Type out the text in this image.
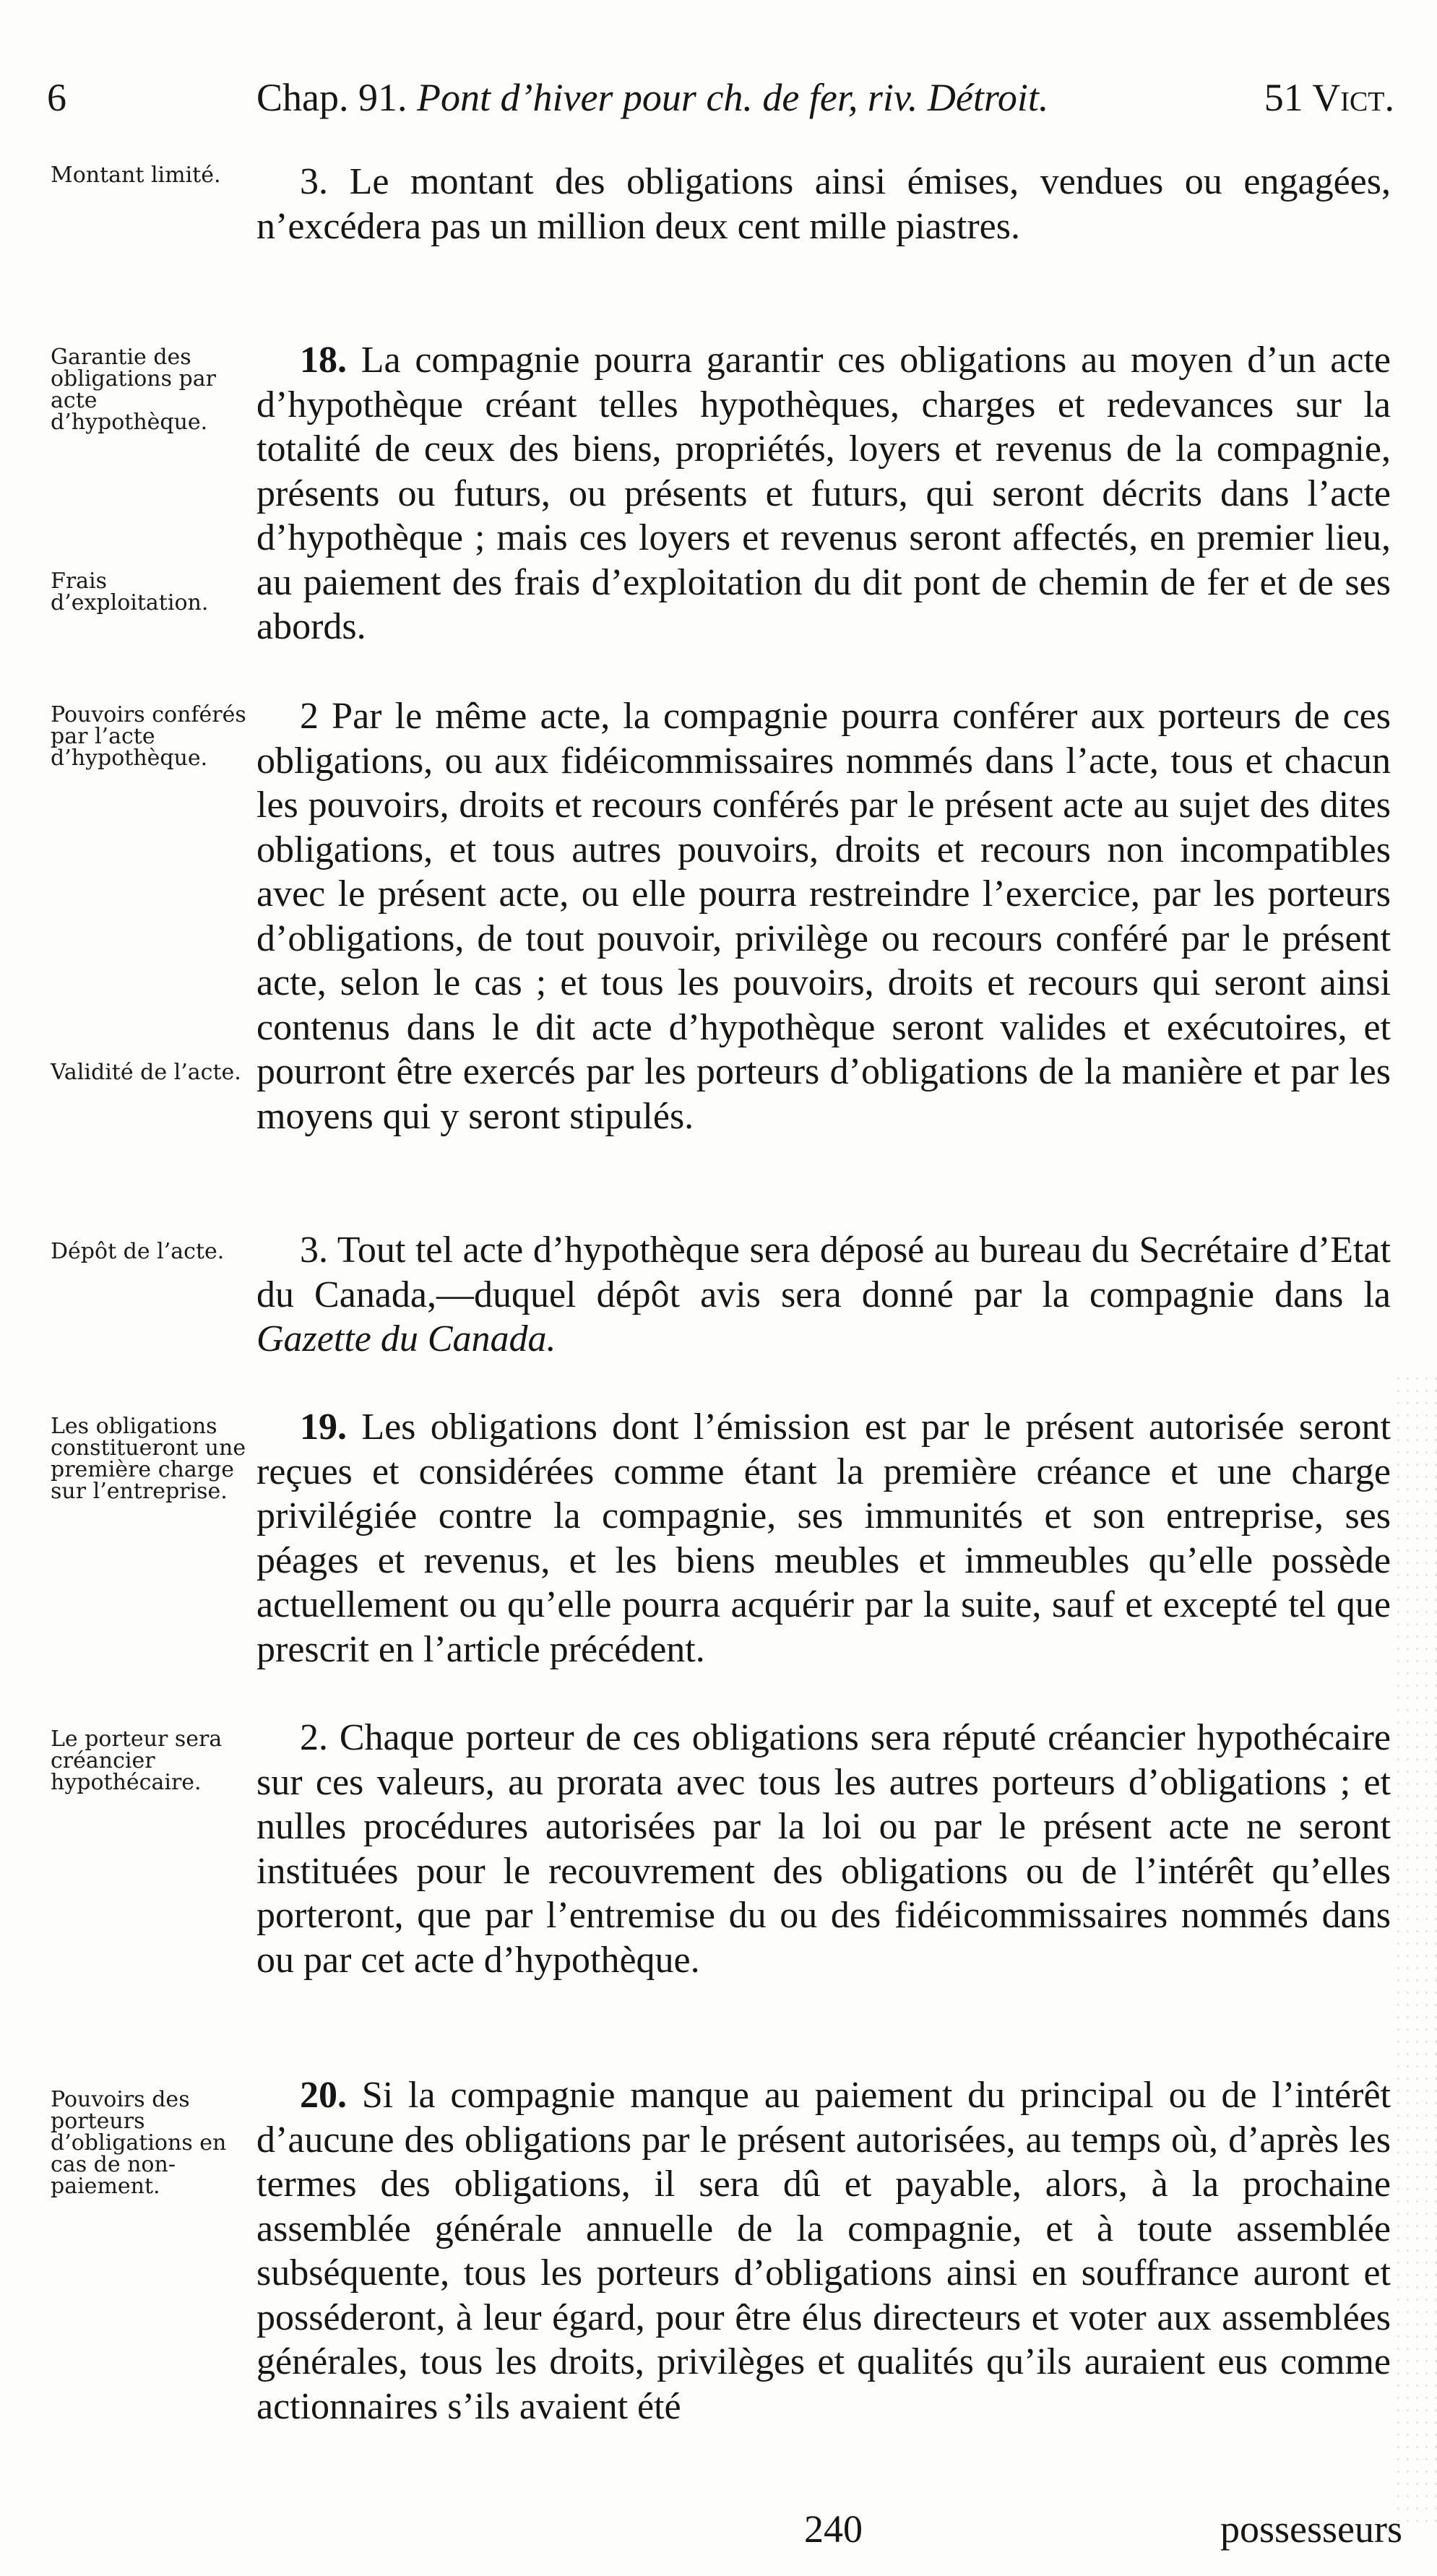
6	Chap. 91. Pont d’hiver pour ch. de fer, riv. Détroit.	51 Vict.
3. Le montant des obligations ainsi émises, vendues ou engagées, n’excédera pas un million deux cent mille piastres.
Montant limité.
18. La compagnie pourra garantir ces obligations au moyen d’un acte d’hypothèque créant telles hypothèques, charges et redevances sur la totalité de ceux des biens, propriétés, loyers et revenus de la compagnie, présents ou futurs, ou présents et futurs, qui seront décrits dans l’acte d’hypothèque ; mais ces loyers et revenus seront affectés, en premier lieu, au paiement des frais d’exploitation du dit pont de chemin de fer et de ses abords.
Garantie des obligations par acte d’hypothèque.
Frais d’exploitation.
2 Par le même acte, la compagnie pourra conférer aux porteurs de ces obligations, ou aux fidéicommissaires nommés dans l’acte, tous et chacun les pouvoirs, droits et recours conférés par le présent acte au sujet des dites obligations, et tous autres pouvoirs, droits et recours non incompatibles avec le présent acte, ou elle pourra restreindre l’exercice, par les porteurs d’obligations, de tout pouvoir, privilège ou recours conféré par le présent acte, selon le cas ; et tous les pouvoirs, droits et recours qui seront ainsi contenus dans le dit acte d’hypothèque seront valides et exécutoires, et pourront être exercés par les porteurs d’obligations de la manière et par les moyens qui y seront stipulés.
Pouvoirs conférés par l’acte d’hypothèque.
Validité de l’acte.
3. Tout tel acte d’hypothèque sera déposé au bureau du Secrétaire d’Etat du Canada,—duquel dépôt avis sera donné par la compagnie dans la Gazette du Canada.
Dépôt de l’acte.
19. Les obligations dont l’émission est par le présent autorisée seront reçues et considérées comme étant la première créance et une charge privilégiée contre la compagnie, ses immunités et son entreprise, ses péages et revenus, et les biens meubles et immeubles qu’elle possède actuellement ou qu’elle pourra acquérir par la suite, sauf et excepté tel que prescrit en l’article précédent.
Les obligations constitueront une première charge sur l’entreprise.
2. Chaque porteur de ces obligations sera réputé créancier hypothécaire sur ces valeurs, au prorata avec tous les autres porteurs d’obligations ; et nulles procédures autorisées par la loi ou par le présent acte ne seront instituées pour le recouvrement des obligations ou de l’intérêt qu’elles porteront, que par l’entremise du ou des fidéicommissaires nommés dans ou par cet acte d’hypothèque.
Le porteur sera créancier hypothécaire.
20. Si la compagnie manque au paiement du principal ou de l’intérêt d’aucune des obligations par le présent autorisées, au temps où, d’après les termes des obligations, il sera dû et payable, alors, à la prochaine assemblée générale annuelle de la compagnie, et à toute assemblée subséquente, tous les porteurs d’obligations ainsi en souffrance auront et posséderont, à leur égard, pour être élus directeurs et voter aux assemblées générales, tous les droits, privilèges et qualités qu’ils auraient eus comme actionnaires s’ils avaient été
Pouvoirs des porteurs d’obligations en cas de non-paiement.
240	possesseurs
